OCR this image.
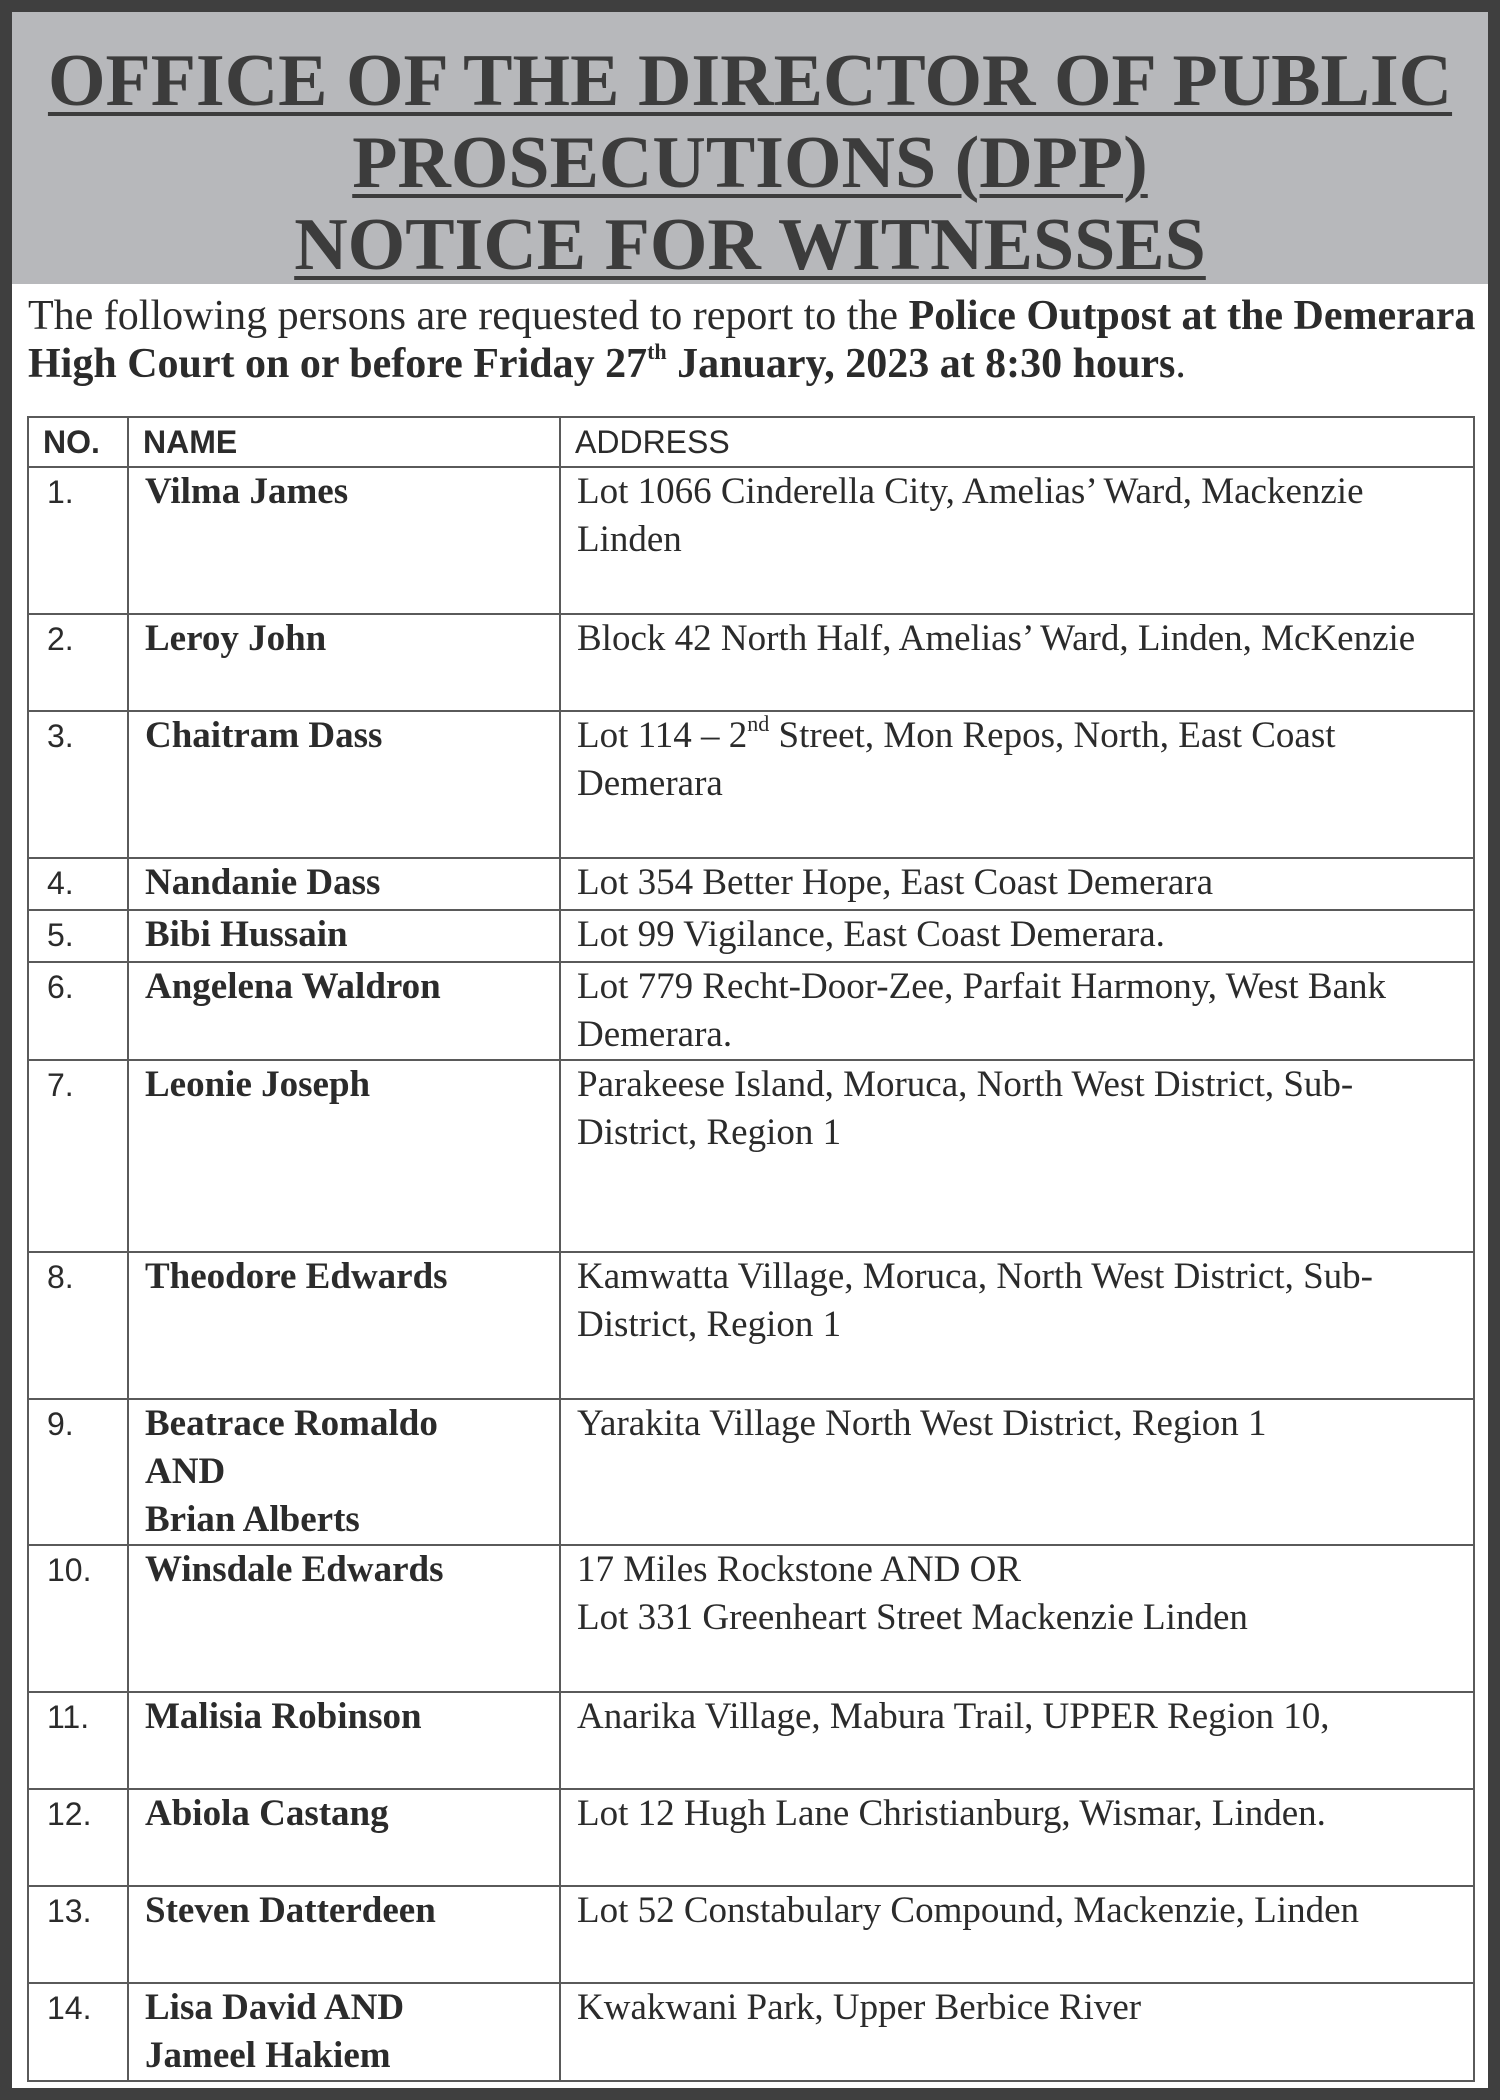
OFFICE OF THE DIRECTOR OF PUBLIC
PROSECUTIONS (DPP)
NOTICE FOR WITNESSES
The following persons are requested to report to the Police Outpost at the Demerara High Court on or before Friday 27th January, 2023 at 8:30 hours.
NO.	NAME	ADDRESS
1.	Vilma James	Lot 1066 Cinderella City, Amelias’ Ward, Mackenzie Linden
2.	Leroy John	Block 42 North Half, Amelias’ Ward, Linden, McKenzie
3.	Chaitram Dass	Lot 114 – 2nd Street, Mon Repos, North, East Coast Demerara
4.	Nandanie Dass	Lot 354 Better Hope, East Coast Demerara
5.	Bibi Hussain	Lot 99 Vigilance, East Coast Demerara.
6.	Angelena Waldron	Lot 779 Recht-Door-Zee, Parfait Harmony, West Bank Demerara.
7.	Leonie Joseph	Parakeese Island, Moruca, North West District, Sub-District, Region 1
8.	Theodore Edwards	Kamwatta Village, Moruca, North West District, Sub-District, Region 1
9.	Beatrace Romaldo
AND
Brian Alberts	Yarakita Village North West District, Region 1
10.	Winsdale Edwards	17 Miles Rockstone AND OR
Lot 331 Greenheart Street Mackenzie Linden

11.	Malisia Robinson	Anarika Village, Mabura Trail, UPPER Region 10,
12.	Abiola Castang	Lot 12 Hugh Lane Christianburg, Wismar, Linden.
13.	Steven Datterdeen	Lot 52 Constabulary Compound, Mackenzie, Linden
14.	Lisa David AND
Jameel Hakiem	Kwakwani Park, Upper Berbice River
